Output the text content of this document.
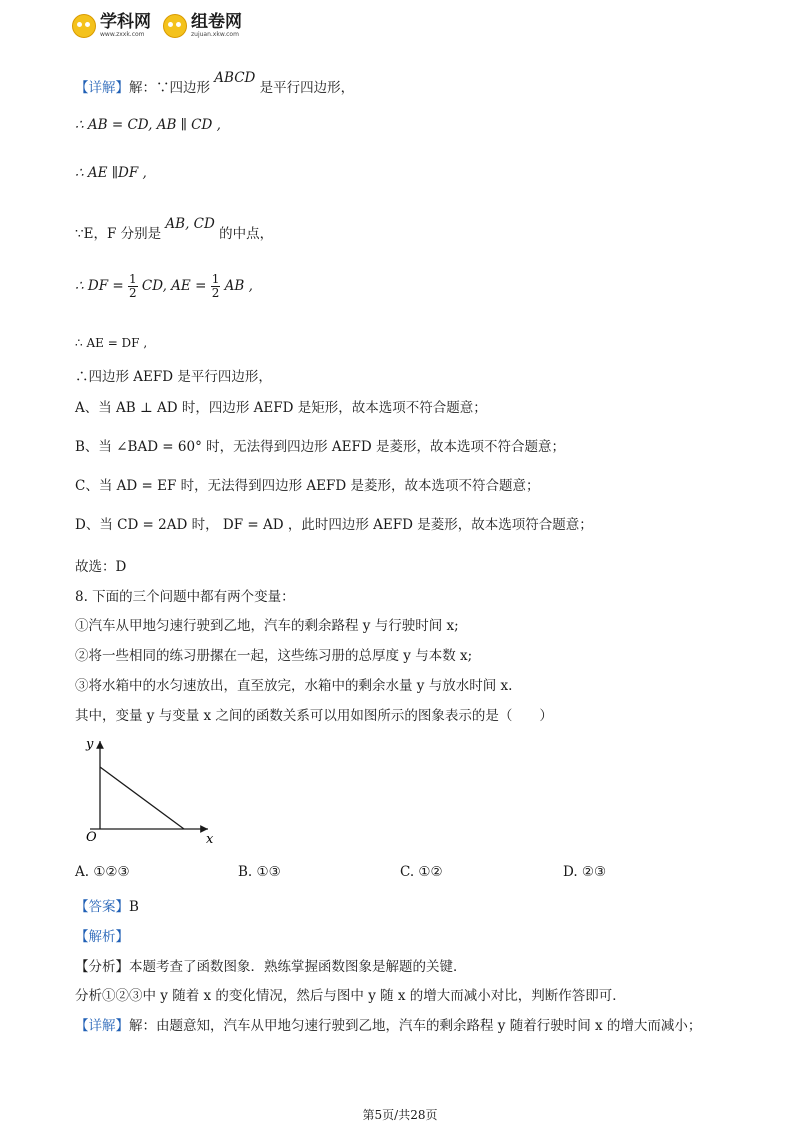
学科网
www.zxxk.com
组卷网
zujuan.xkw.com
【详解】解：∵四边形 ABCD 是平行四边形，
∴ AB = CD, AB ∥ CD ,
∴ AE ∥DF ,
∵E，F 分别是 AB, CD 的中点，
∴ DF = $\frac{1}{2}$ CD, AE = $\frac{1}{2}$ AB ,
∴ AE = DF ,
∴四边形 AEFD 是平行四边形，
A、当 AB ⊥ AD 时，四边形 AEFD 是矩形，故本选项不符合题意；
B、当 ∠BAD = 60° 时，无法得到四边形 AEFD 是菱形，故本选项不符合题意；
C、当 AD = EF 时，无法得到四边形 AEFD 是菱形，故本选项不符合题意；
D、当 CD = 2AD 时， DF = AD ，此时四边形 AEFD 是菱形，故本选项符合题意；
故选：D
8. 下面的三个问题中都有两个变量：
①汽车从甲地匀速行驶到乙地，汽车的剩余路程 y 与行驶时间 x;
②将一些相同的练习册摞在一起，这些练习册的总厚度 y 与本数 x;
③将水箱中的水匀速放出，直至放完，水箱中的剩余水量 y 与放水时间 x.
其中，变量 y 与变量 x 之间的函数关系可以用如图所示的图象表示的是（　　）
y
x
O
A. ①②③	B. ①③	C. ①②	D. ②③
【答案】B
【解析】
【分析】本题考查了函数图象．熟练掌握函数图象是解题的关键．
分析①②③中 y 随着 x 的变化情况，然后与图中 y 随 x 的增大而减小对比，判断作答即可．
【详解】解：由题意知，汽车从甲地匀速行驶到乙地，汽车的剩余路程 y 随着行驶时间 x 的增大而减小；
第5页/共28页
